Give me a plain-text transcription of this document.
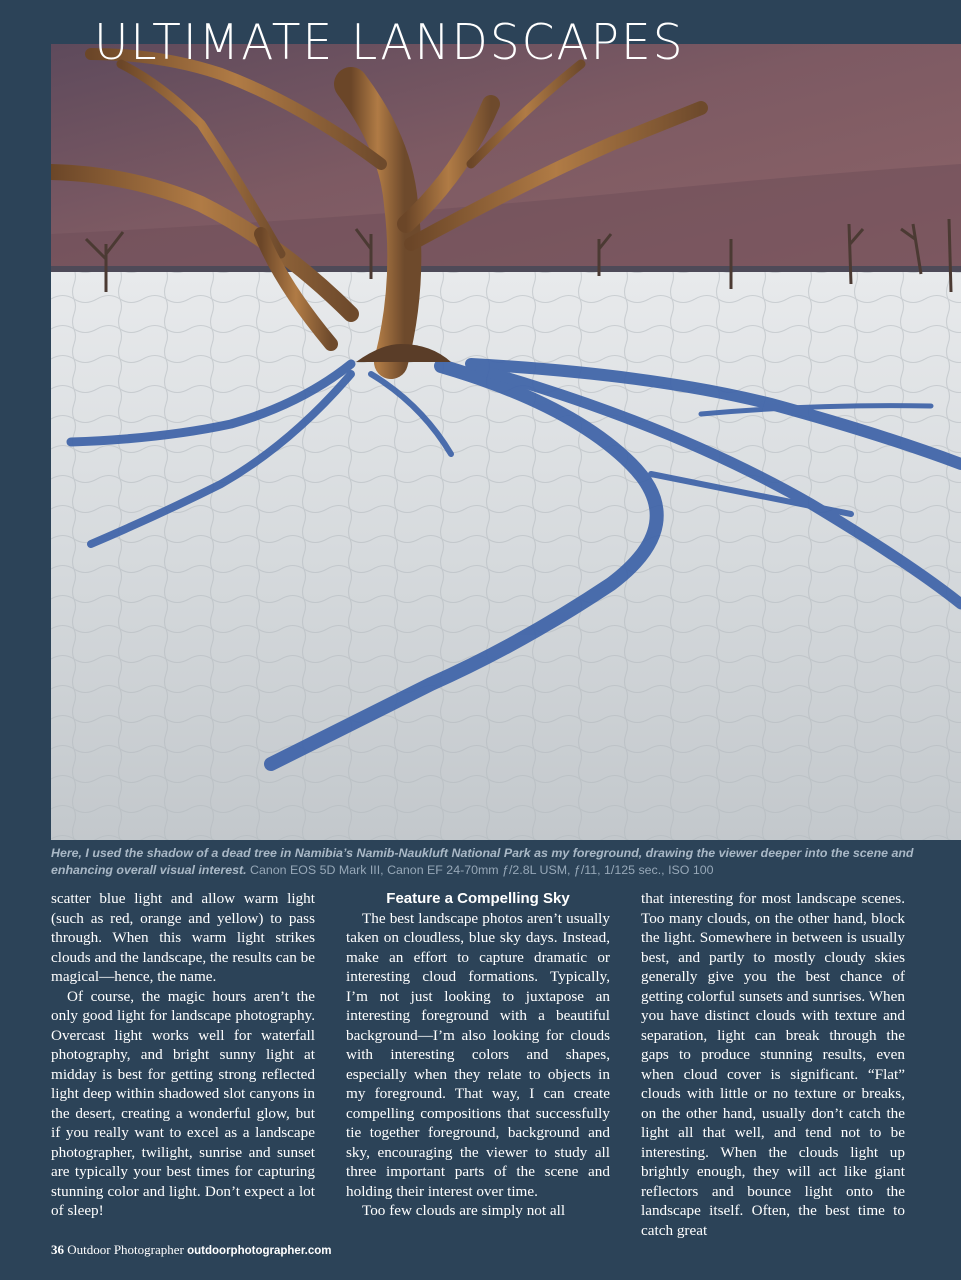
ULTIMATE LANDSCAPES
Here, I used the shadow of a dead tree in Namibia’s Namib-Naukluft National Park as my foreground, drawing the viewer deeper into the scene and enhancing overall visual interest. Canon EOS 5D Mark III, Canon EF 24-70mm ƒ/2.8L USM, ƒ/11, 1/125 sec., ISO 100

scatter blue light and allow warm light (such as red, orange and yellow) to pass through. When this warm light strikes clouds and the landscape, the results can be magical—hence, the name.

Of course, the magic hours aren’t the only good light for landscape photography. Overcast light works well for waterfall photography, and bright sunny light at midday is best for getting strong reflected light deep within shadowed slot canyons in the desert, creating a wonderful glow, but if you really want to excel as a landscape photographer, twilight, sunrise and sunset are typically your best times for capturing stunning color and light. Don’t expect a lot of sleep!

Feature a Compelling Sky

The best landscape photos aren’t usually taken on cloudless, blue sky days. Instead, make an effort to capture dramatic or interesting cloud formations. Typically, I’m not just looking to juxtapose an interesting foreground with a beautiful background—I’m also looking for clouds with interesting colors and shapes, especially when they relate to objects in my foreground. That way, I can create compelling compositions that successfully tie together foreground, background and sky, encouraging the viewer to study all three important parts of the scene and holding their interest over time.

Too few clouds are simply not all

that interesting for most landscape scenes. Too many clouds, on the other hand, block the light. Somewhere in between is usually best, and partly to mostly cloudy skies generally give you the best chance of getting colorful sunsets and sunrises. When you have distinct clouds with texture and separation, light can break through the gaps to produce stunning results, even when cloud cover is significant. “Flat” clouds with little or no texture or breaks, on the other hand, usually don’t catch the light all that well, and tend not to be interesting. When the clouds light up brightly enough, they will act like giant reflectors and bounce light onto the landscape itself. Often, the best time to catch great

36 Outdoor Photographer outdoorphotographer.com
